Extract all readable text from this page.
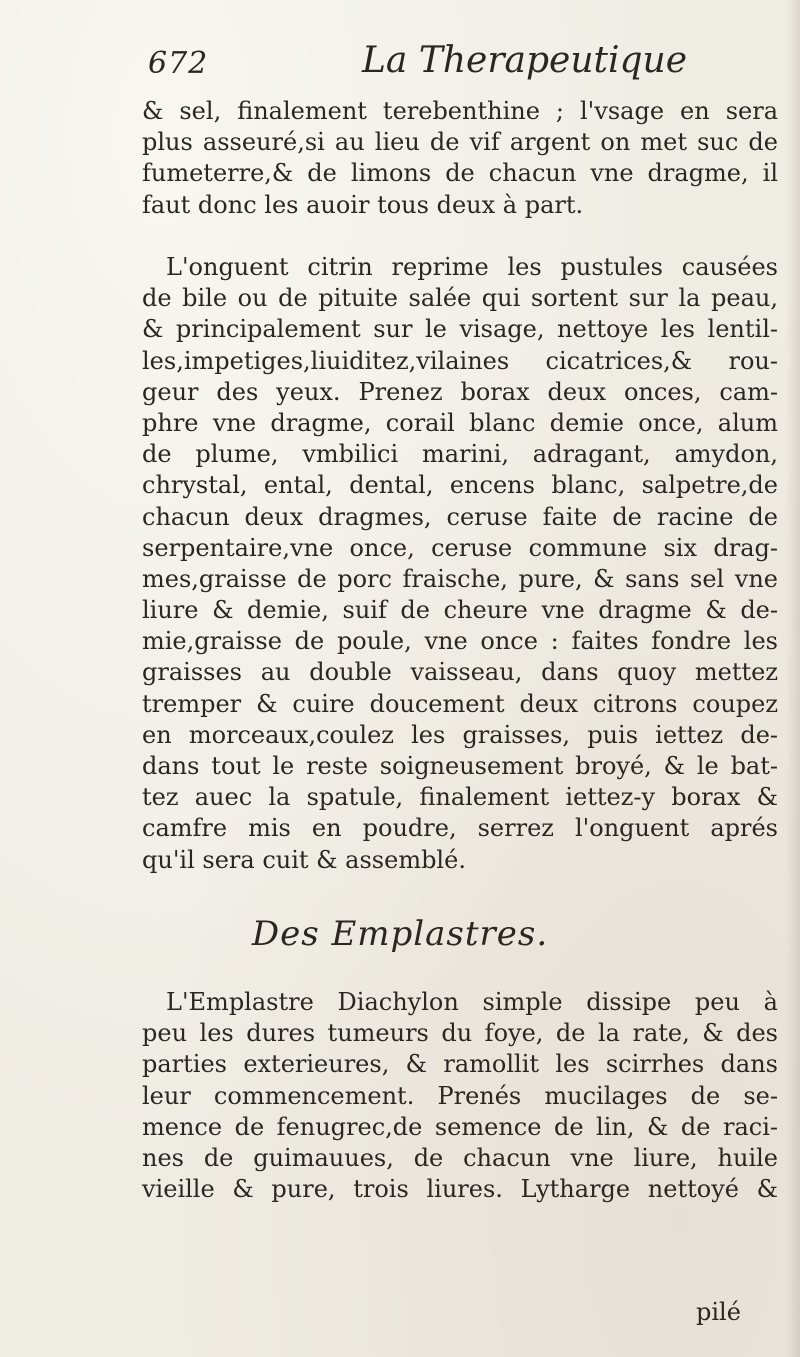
672	La Therapeutique
& sel, finalement terebenthine ; l'vsage en sera
plus asseuré,si au lieu de vif argent on met suc de
fumeterre,& de limons de chacun vne dragme, il
faut donc les auoir tous deux à part.
L'onguent citrin reprime les pustules causées
de bile ou de pituite salée qui sortent sur la peau,
& principalement sur le visage, nettoye les lentil-
les,impetiges,liuiditez,vilaines cicatrices,& rou-
geur des yeux. Prenez borax deux onces, cam-
phre vne dragme, corail blanc demie once, alum
de plume, vmbilici marini, adragant, amydon,
chrystal, ental, dental, encens blanc, salpetre,de
chacun deux dragmes, ceruse faite de racine de
serpentaire,vne once, ceruse commune six drag-
mes,graisse de porc fraische, pure, & sans sel vne
liure & demie, suif de cheure vne dragme & de-
mie,graisse de poule, vne once : faites fondre les
graisses au double vaisseau, dans quoy mettez
tremper & cuire doucement deux citrons coupez
en morceaux,coulez les graisses, puis iettez de-
dans tout le reste soigneusement broyé, & le bat-
tez auec la spatule, finalement iettez-y borax &
camfre mis en poudre, serrez l'onguent aprés
qu'il sera cuit & assemblé.
Des Emplastres.
L'Emplastre Diachylon simple dissipe peu à
peu les dures tumeurs du foye, de la rate, & des
parties exterieures, & ramollit les scirrhes dans
leur commencement. Prenés mucilages de se-
mence de fenugrec,de semence de lin, & de raci-
nes de guimauues, de chacun vne liure, huile
vieille & pure, trois liures. Lytharge nettoyé &
pilé
